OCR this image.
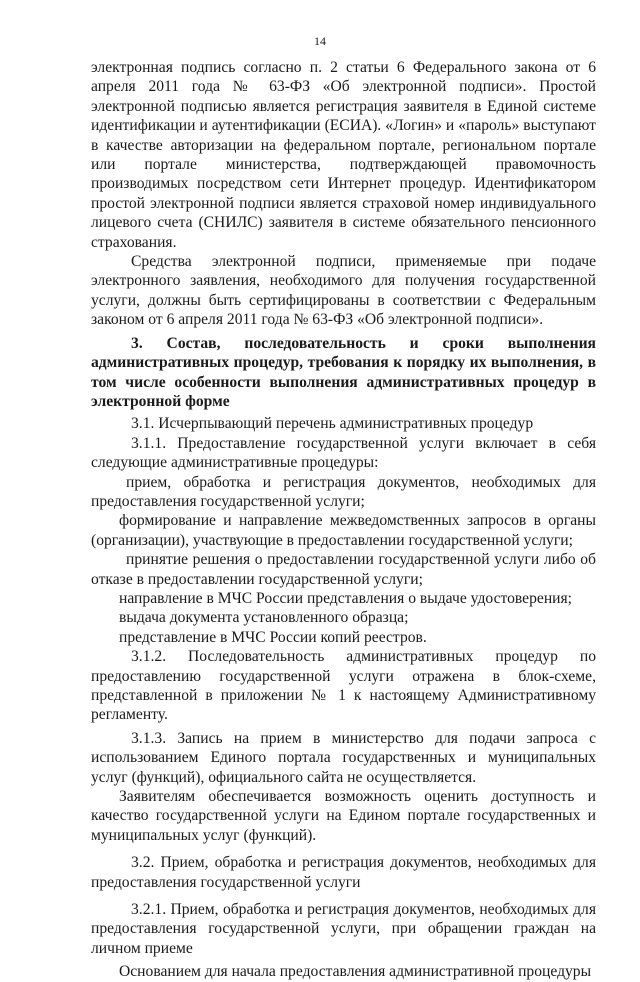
14

электронная подпись согласно п. 2 статьи 6 Федерального закона от 6 апреля 2011 года № 63-ФЗ «Об электронной подписи». Простой электронной подписью является регистрация заявителя в Единой системе идентификации и аутентификации (ЕСИА). «Логин» и «пароль» выступают в качестве авторизации на федеральном портале, региональном портале или портале министерства, подтверждающей правомочность производимых посредством сети Интернет процедур. Идентификатором простой электронной подписи является страховой номер индивидуального лицевого счета (СНИЛС) заявителя в системе обязательного пенсионного страхования.

Средства электронной подписи, применяемые при подаче электронного заявления, необходимого для получения государственной услуги, должны быть сертифицированы в соответствии с Федеральным законом от 6 апреля 2011 года № 63-ФЗ «Об электронной подписи».

3. Состав, последовательность и сроки выполнения административных процедур, требования к порядку их выполнения, в том числе особенности выполнения административных процедур в электронной форме

3.1. Исчерпывающий перечень административных процедур

3.1.1. Предоставление государственной услуги включает в себя следующие административные процедуры:

прием, обработка и регистрация документов, необходимых для предоставления государственной услуги;

формирование и направление межведомственных запросов в органы (организации), участвующие в предоставлении государственной услуги;

принятие решения о предоставлении государственной услуги либо об отказе в предоставлении государственной услуги;

направление в МЧС России представления о выдаче удостоверения;

выдача документа установленного образца;

представление в МЧС России копий реестров.

3.1.2. Последовательность административных процедур по предоставлению государственной услуги отражена в блок-схеме, представленной в приложении № 1 к настоящему Административному регламенту.

3.1.3. Запись на прием в министерство для подачи запроса с использованием Единого портала государственных и муниципальных услуг (функций), официального сайта не осуществляется.

Заявителям обеспечивается возможность оценить доступность и качество государственной услуги на Едином портале государственных и муниципальных услуг (функций).

3.2. Прием, обработка и регистрация документов, необходимых для предоставления государственной услуги

3.2.1. Прием, обработка и регистрация документов, необходимых для предоставления государственной услуги, при обращении граждан на личном приеме

Основанием для начала предоставления административной процедуры
